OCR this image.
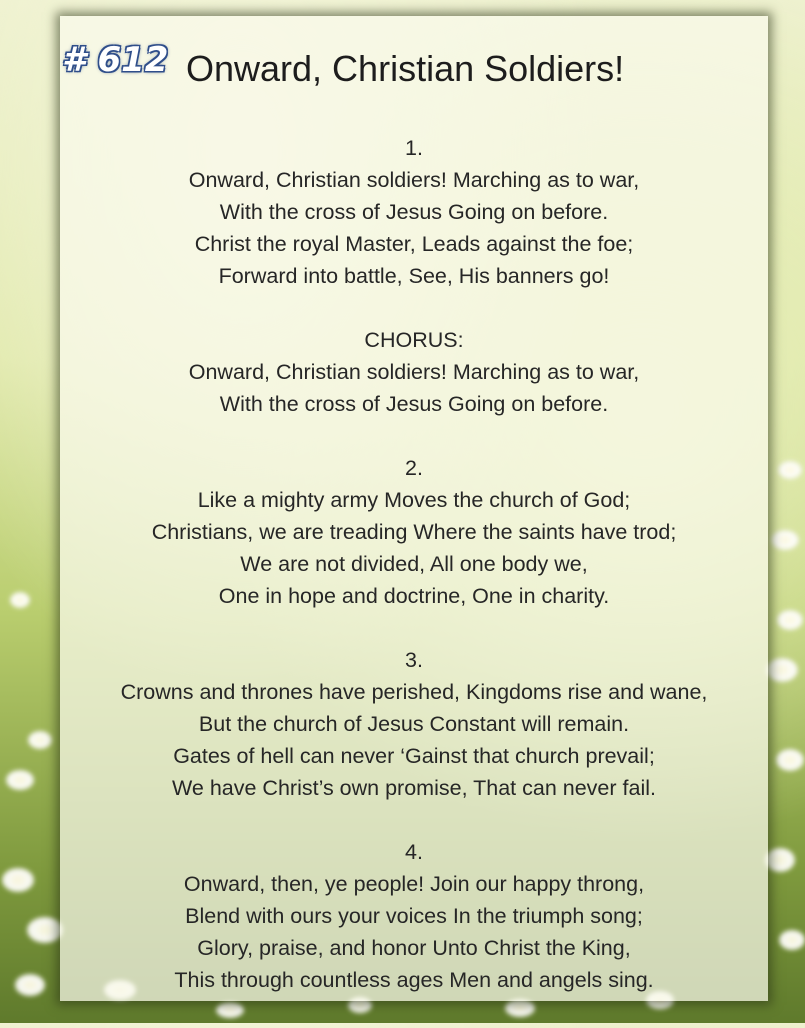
# 612 Onward, Christian Soldiers!
1.
Onward, Christian soldiers! Marching as to war,
With the cross of Jesus Going on before.
Christ the royal Master, Leads against the foe;
Forward into battle, See, His banners go!
CHORUS:
Onward, Christian soldiers! Marching as to war,
With the cross of Jesus Going on before.
2.
Like a mighty army Moves the church of God;
Christians, we are treading Where the saints have trod;
We are not divided, All one body we,
One in hope and doctrine, One in charity.
3.
Crowns and thrones have perished, Kingdoms rise and wane,
But the church of Jesus Constant will remain.
Gates of hell can never ‘Gainst that church prevail;
We have Christ’s own promise, That can never fail.
4.
Onward, then, ye people! Join our happy throng,
Blend with ours your voices In the triumph song;
Glory, praise, and honor Unto Christ the King,
This through countless ages Men and angels sing.
